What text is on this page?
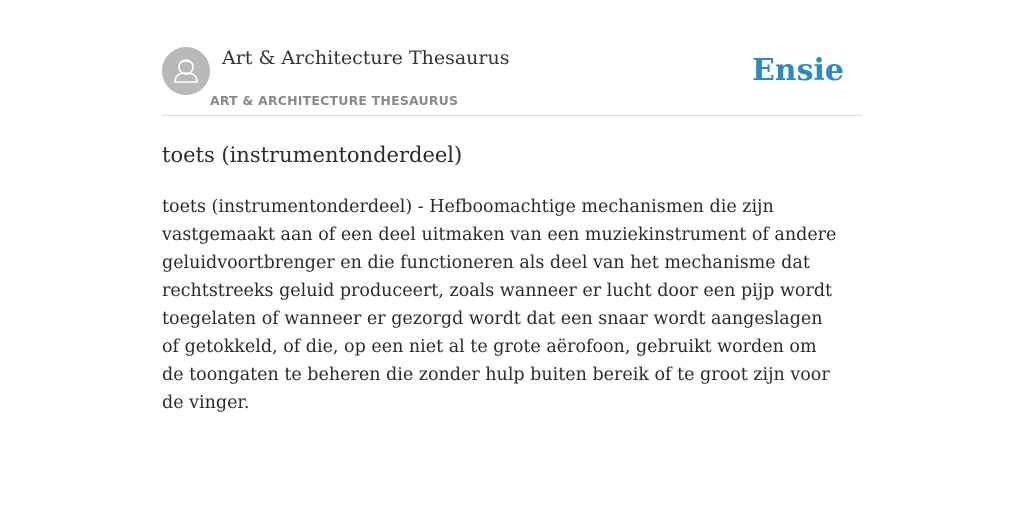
Art & Architecture Thesaurus
ART & ARCHITECTURE THESAURUS
Ensie
toets (instrumentonderdeel)

toets (instrumentonderdeel) - Hefboomachtige mechanismen die zijn vastgemaakt aan of een deel uitmaken van een muziekinstrument of andere geluidvoortbrenger en die functioneren als deel van het mechanisme dat rechtstreeks geluid produceert, zoals wanneer er lucht door een pijp wordt toegelaten of wanneer er gezorgd wordt dat een snaar wordt aangeslagen of getokkeld, of die, op een niet al te grote aërofoon, gebruikt worden om de toongaten te beheren die zonder hulp buiten bereik of te groot zijn voor de vinger.
